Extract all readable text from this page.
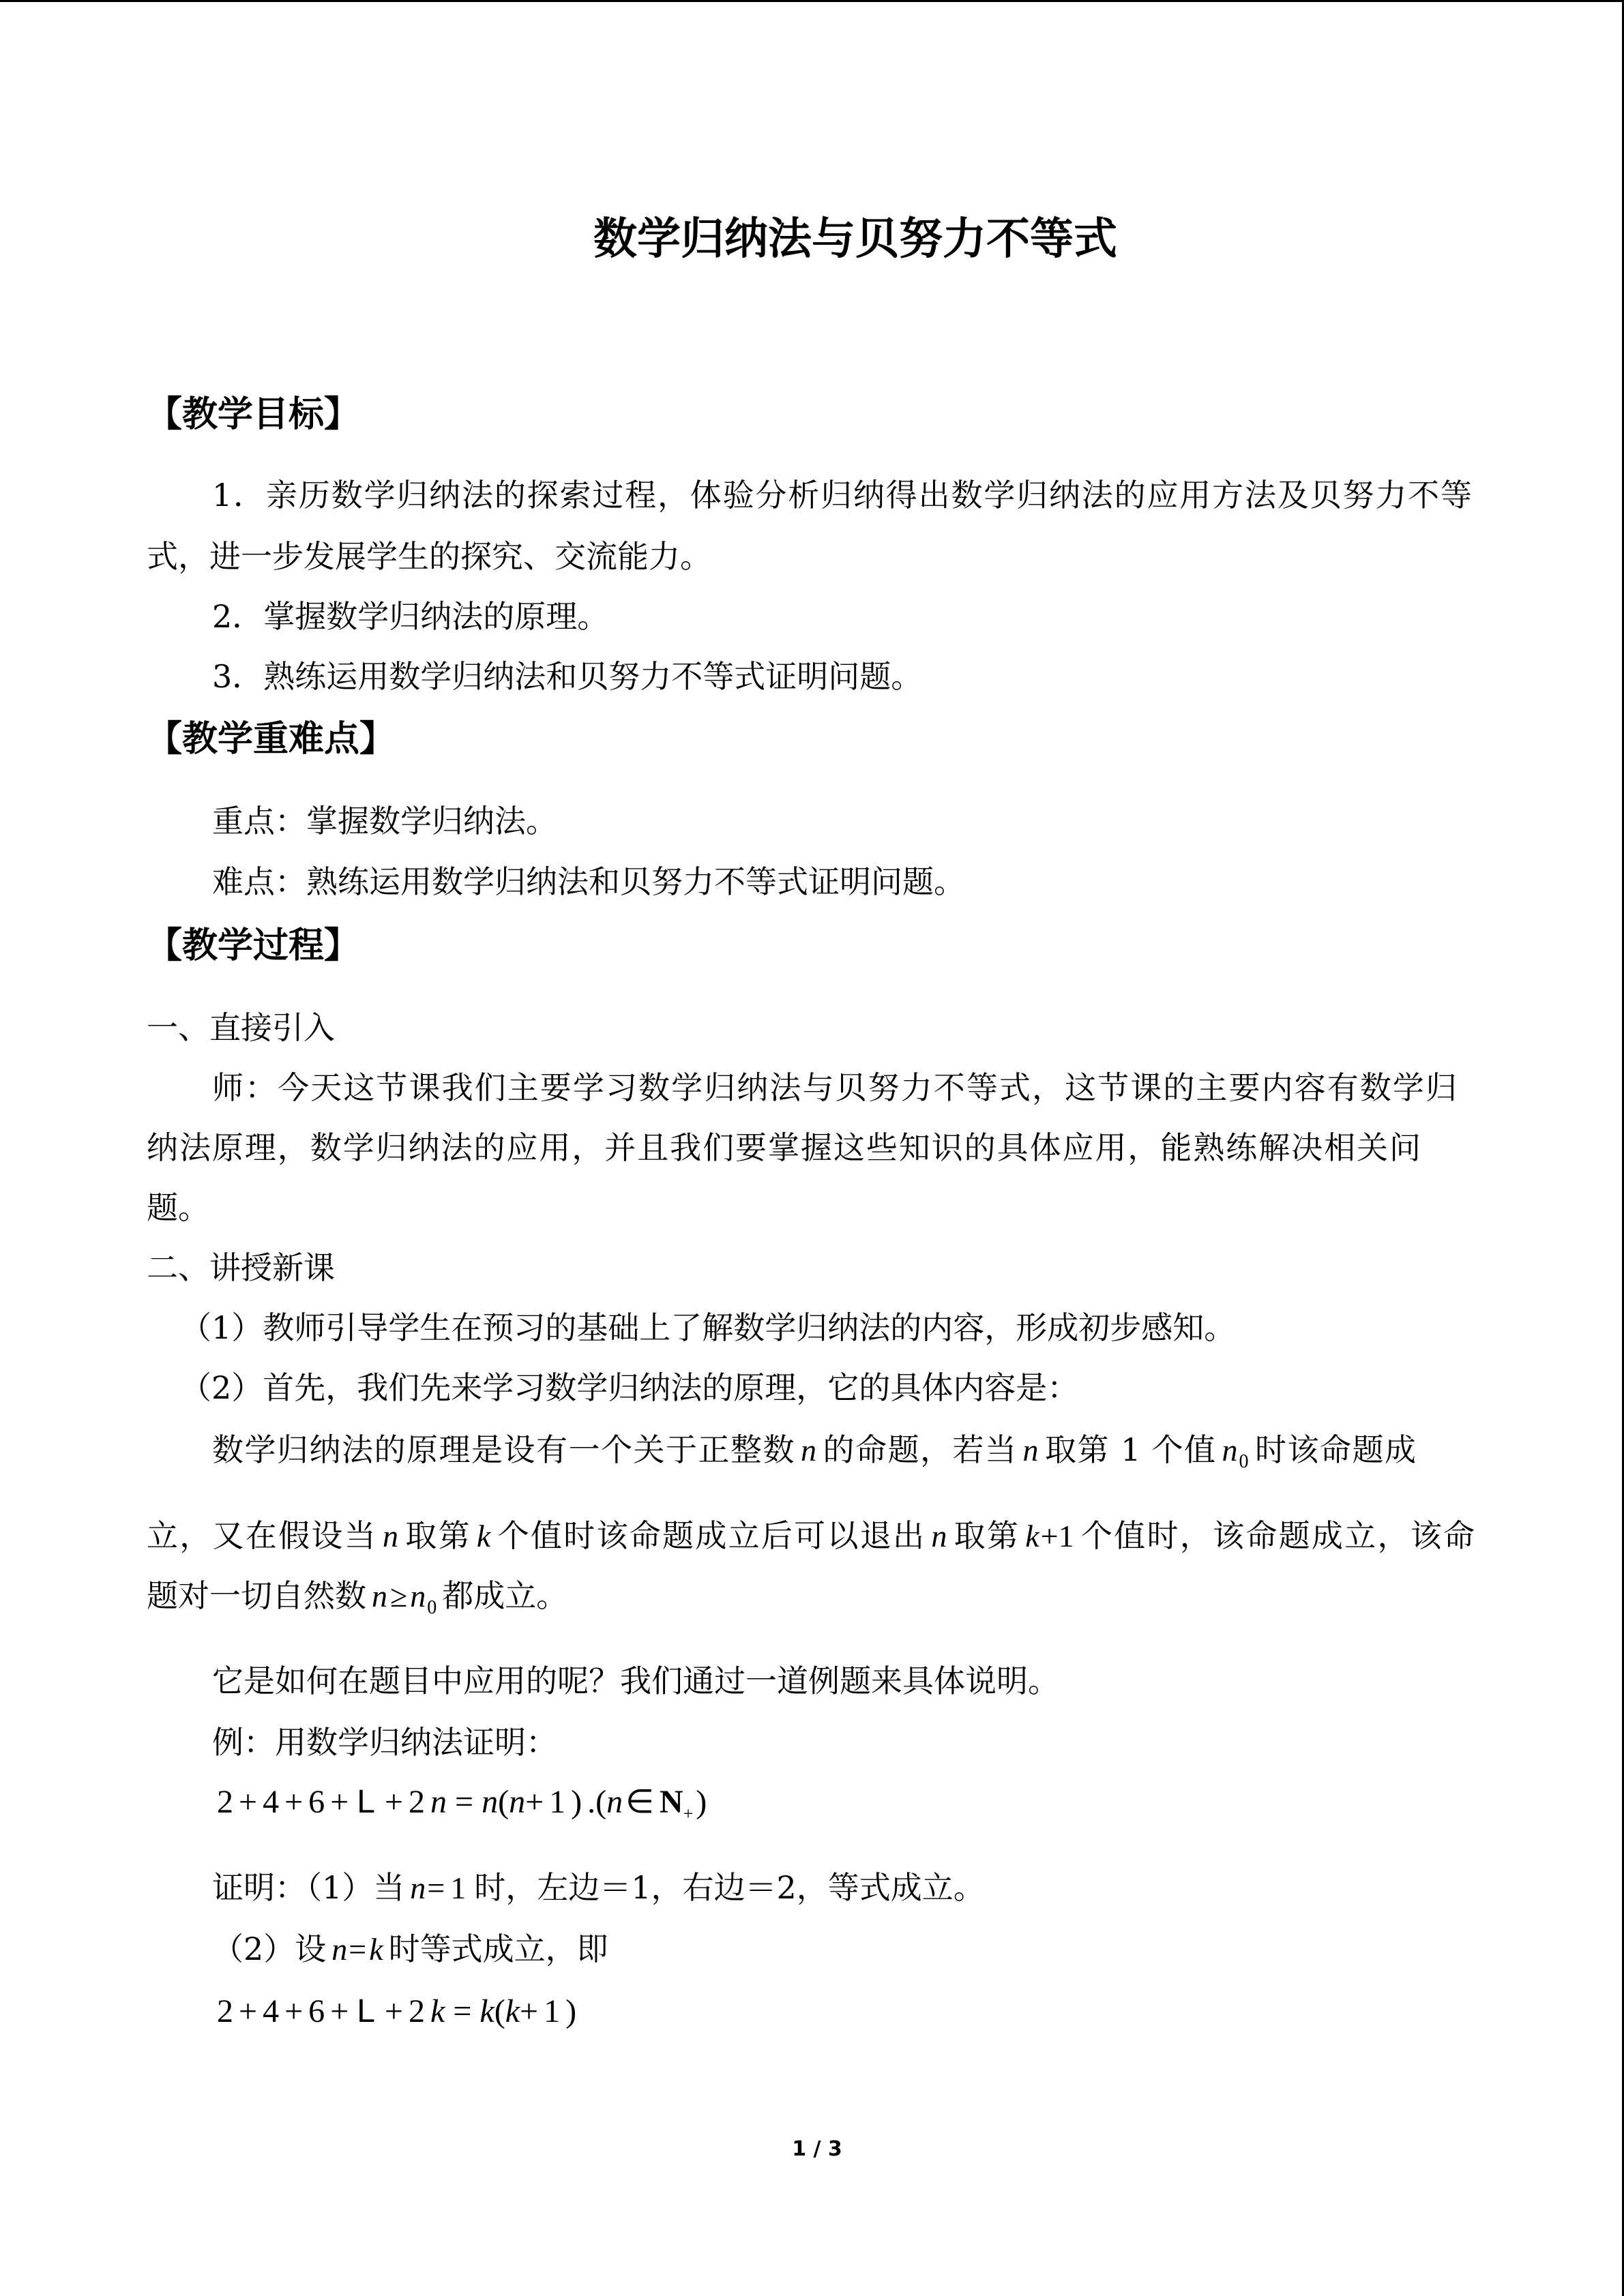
数学归纳法与贝努力不等式
【教学目标】
1．亲历数学归纳法的探索过程，体验分析归纳得出数学归纳法的应用方法及贝努力不等
式，进一步发展学生的探究、交流能力。
2．掌握数学归纳法的原理。
3．熟练运用数学归纳法和贝努力不等式证明问题。
【教学重难点】
重点：掌握数学归纳法。
难点：熟练运用数学归纳法和贝努力不等式证明问题。
【教学过程】
一、直接引入
师：今天这节课我们主要学习数学归纳法与贝努力不等式，这节课的主要内容有数学归
纳法原理，数学归纳法的应用，并且我们要掌握这些知识的具体应用，能熟练解决相关问
题。
二、讲授新课
（1）教师引导学生在预习的基础上了解数学归纳法的内容，形成初步感知。
（2）首先，我们先来学习数学归纳法的原理，它的具体内容是：
数学归纳法的原理是设有一个关于正整数 n 的命题，若当 n 取第 1 个值 $n_0$ 时该命题成
立，又在假设当 n 取第 k 个值时该命题成立后可以退出 n 取第 k+1 个值时，该命题成立，该命
题对一切自然数 $n\ge n_0$ 都成立。
它是如何在题目中应用的呢？我们通过一道例题来具体说明。
例：用数学归纳法证明：
2+4+6+L +2n = n(n+1).(n∈ $N_+$)
证明：（1）当 n=1时，左边＝1，右边＝2，等式成立。
（2）设 n=k 时等式成立，即
2+4+6+L +2k = k(k+1)
1 / 3
